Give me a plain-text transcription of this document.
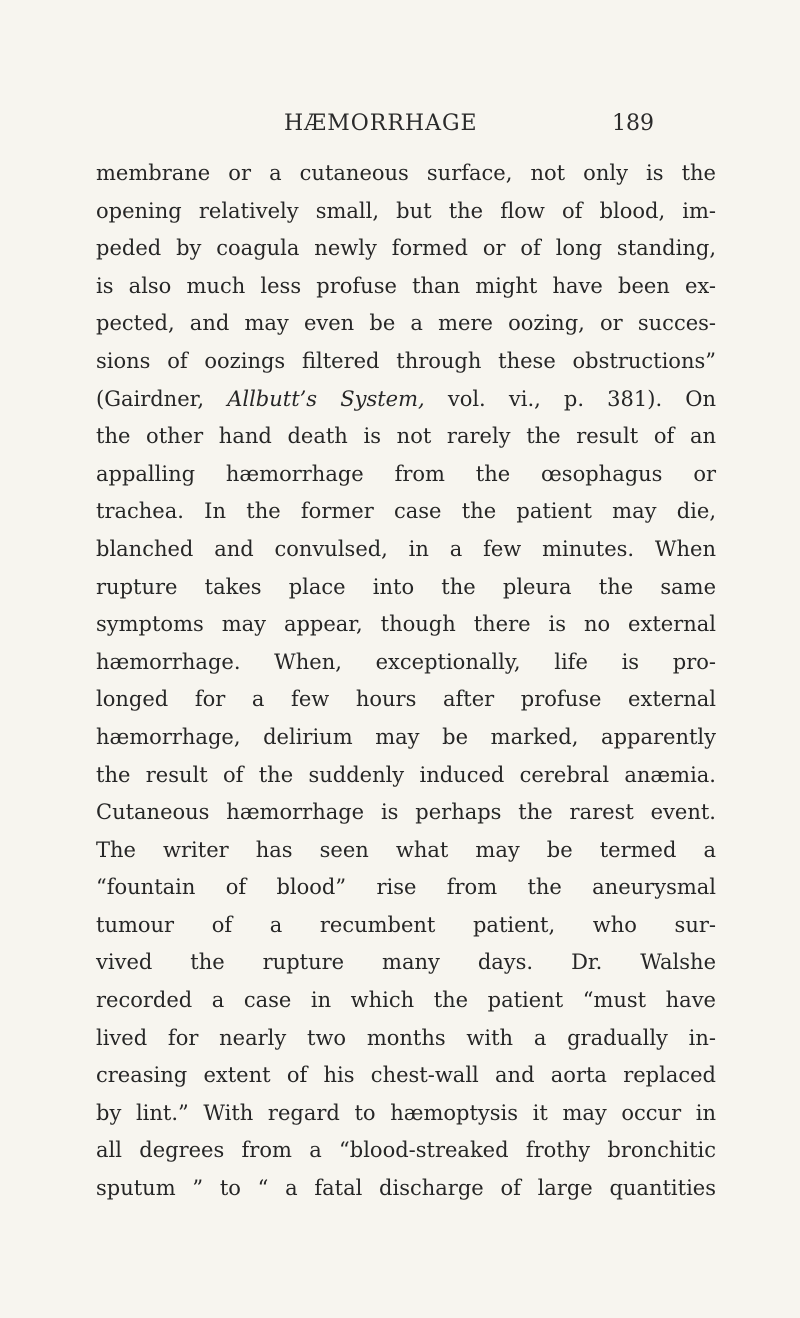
HÆMORRHAGE	189
membrane or a cutaneous surface, not only is the
opening relatively small, but the flow of blood, im-
peded by coagula newly formed or of long standing,
is also much less profuse than might have been ex-
pected, and may even be a mere oozing, or succes-
sions of oozings filtered through these obstructions”
(Gairdner, Allbutt’s System, vol. vi., p. 381). On
the other hand death is not rarely the result of an
appalling hæmorrhage from the œsophagus or
trachea. In the former case the patient may die,
blanched and convulsed, in a few minutes. When
rupture takes place into the pleura the same
symptoms may appear, though there is no external
hæmorrhage. When, exceptionally, life is pro-
longed for a few hours after profuse external
hæmorrhage, delirium may be marked, apparently
the result of the suddenly induced cerebral anæmia.
Cutaneous hæmorrhage is perhaps the rarest event.
The writer has seen what may be termed a
“fountain of blood” rise from the aneurysmal
tumour of a recumbent patient, who sur-
vived the rupture many days. Dr. Walshe
recorded a case in which the patient “must have
lived for nearly two months with a gradually in-
creasing extent of his chest-wall and aorta replaced
by lint.” With regard to hæmoptysis it may occur in
all degrees from a “blood-streaked frothy bronchitic
sputum ” to “ a fatal discharge of large quantities
